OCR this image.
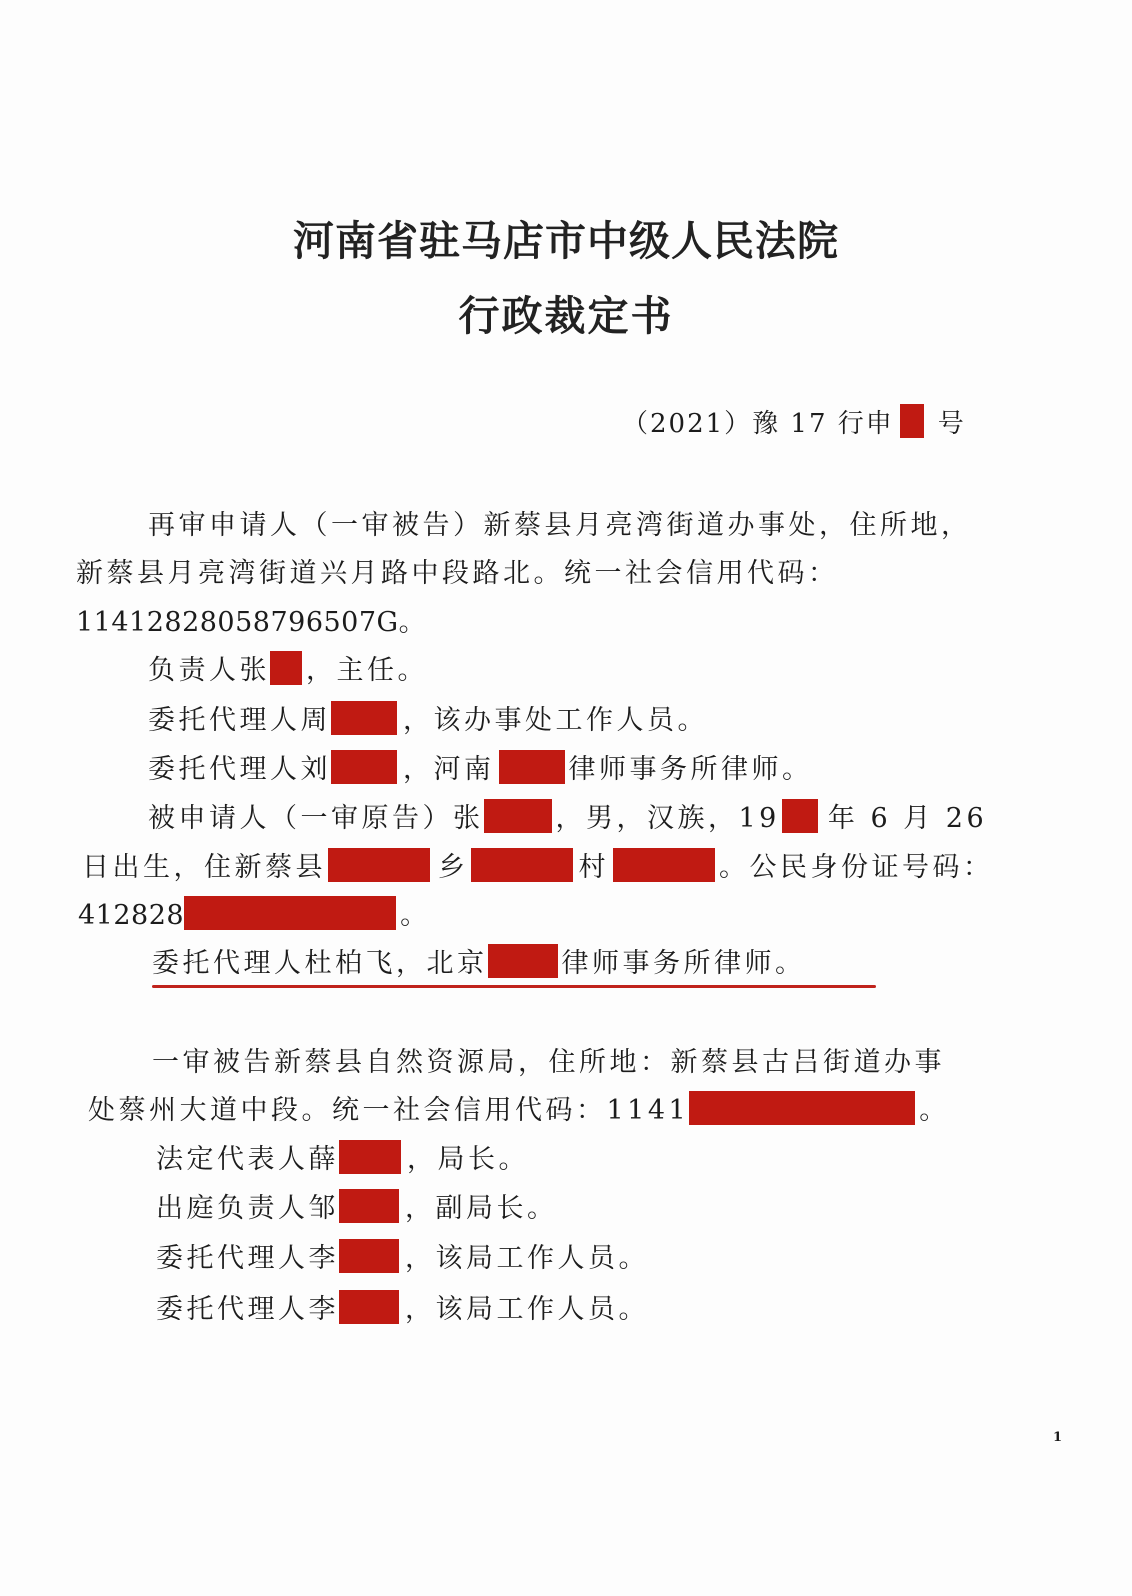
河南省驻马店市中级人民法院
行政裁定书
（2021）豫 17 行申 号
再审申请人（一审被告）新蔡县月亮湾街道办事处，住所地，
新蔡县月亮湾街道兴月路中段路北。统一社会信用代码：
11412828058796507G。
负责人张 ，主任。
委托代理人周	，该办事处工作人员。
委托代理人刘	，河南	律师事务所律师。
被申请人（一审原告）张	，男，汉族，19 年 6 月 26
日出生，住新蔡县	乡	村	。公民身份证号码：
412828	。
委托代理人杜柏飞，北京	律师事务所律师。
一审被告新蔡县自然资源局，住所地：新蔡县古吕街道办事
处蔡州大道中段。统一社会信用代码：1141	。
法定代表人薛	，局长。
出庭负责人邹 ，副局长。
委托代理人李 ，该局工作人员。
委托代理人李 ，该局工作人员。
1
